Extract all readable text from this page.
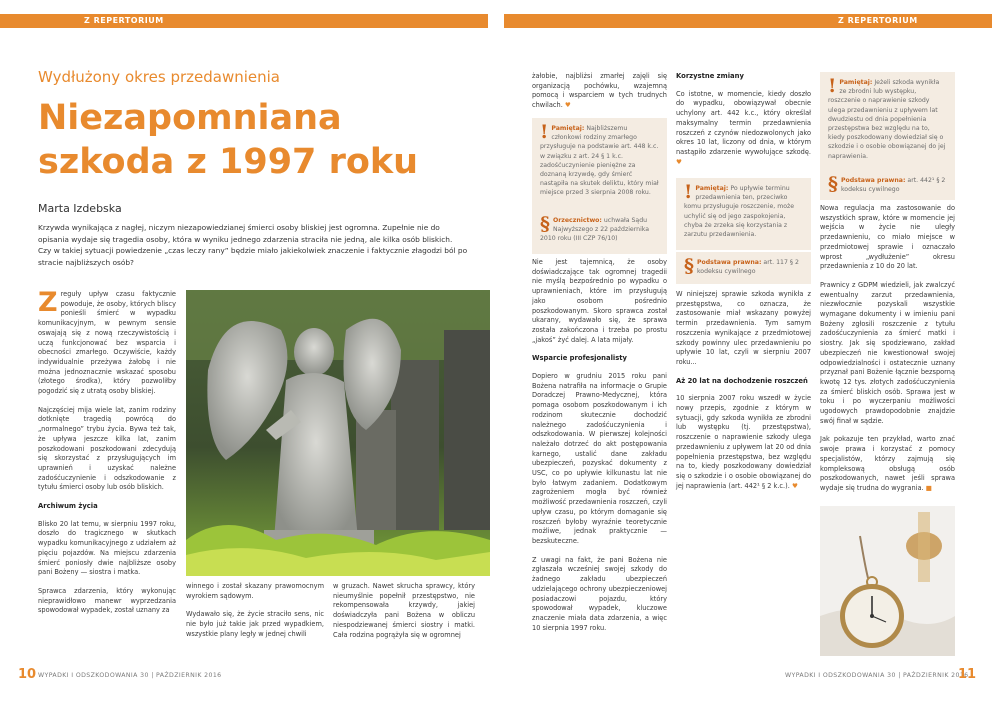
Z REPERTORIUM	Z REPERTORIUM
Wydłużony okres przedawnienia
Niezapomniana szkoda z 1997 roku
Marta Izdebska
Krzywda wynikająca z nagłej, niczym niezapowiedzianej śmierci osoby bliskiej jest ogromna. Zupełnie nie do opisania wydaje się tragedia osoby, która w wyniku jednego zdarzenia straciła nie jedną, ale kilka osób bliskich. Czy w takiej sytuacji powiedzenie „czas leczy rany” będzie miało jakiekolwiek znaczenie i faktycznie złagodzi ból po stracie najbliższych osób?

Zreguły upływ czasu faktycznie powoduje, że osoby, których bliscy ponieśli śmierć w wypadku komunikacyjnym, w pewnym sensie oswajają się z nową rzeczywistością i uczą funkcjonować bez wsparcia i obecności zmarłego. Oczywiście, każdy indywidualnie przeżywa żałobę i nie można jednoznacznie wskazać sposobu (złotego środka), który pozwoliłby pogodzić się z utratą osoby bliskiej.

Najczęściej mija wiele lat, zanim rodziny dotknięte tragedią powrócą do „normalnego” trybu życia. Bywa też tak, że upływa jeszcze kilka lat, zanim poszkodowani poszkodowani zdecydują się skorzystać z przysługujących im uprawnień i uzyskać należne zadośćuczynienie i odszkodowanie z tytułu śmierci osoby lub osób bliskich.

Archiwum życia

Blisko 20 lat temu, w sierpniu 1997 roku, doszło do tragicznego w skutkach wypadku komunikacyjnego z udziałem aż pięciu pojazdów. Na miejscu zdarzenia śmierć poniosły dwie najbliższe osoby pani Bożeny — siostra i matka.

Sprawca zdarzenia, który wykonując nieprawidłowo manewr wyprzedzania spowodował wypadek, został uznany za

winnego i został skazany prawomocnym wyrokiem sądowym.

Wydawało się, że życie straciło sens, nic nie było już takie jak przed wypadkiem, wszystkie plany legły w jednej chwili

w gruzach. Nawet skrucha sprawcy, który nieumyślnie popełnił przestępstwo, nie rekompensowała krzywdy, jakiej doświadczyła pani Bożena w obliczu niespodziewanej śmierci siostry i matki. Cała rodzina pogrążyła się w ogromnej

żałobie, najbliżsi zmarłej zajęli się organizacją pochówku, wzajemną pomocą i wsparciem w tych trudnych chwilach. ♥

! Pamiętaj: Najbliższemu członkowi rodziny zmarłego przysługuje na podstawie art. 448 k.c. w związku z art. 24 § 1 k.c. zadośćuczynienie pieniężne za doznaną krzywdę, gdy śmierć nastąpiła na skutek deliktu, który miał miejsce przed 3 sierpnia 2008 roku.
§ Orzecznictwo: uchwała Sądu Najwyższego z 22 października 2010 roku (III CZP 76/10)

Nie jest tajemnicą, że osoby doświadczające tak ogromnej tragedii nie myślą bezpośrednio po wypadku o uprawnieniach, które im przysługują jako osobom pośrednio poszkodowanym. Skoro sprawca został ukarany, wydawało się, że sprawa została zakończona i trzeba po prostu „jakoś” żyć dalej. A lata mijały.

Wsparcie profesjonalisty

Dopiero w grudniu 2015 roku pani Bożena natrafiła na informacje o Grupie Doradczej Prawno-Medycznej, która pomaga osobom poszkodowanym i ich rodzinom skutecznie dochodzić należnego zadośćuczynienia i odszkodowania. W pierwszej kolejności należało dotrzeć do akt postępowania karnego, ustalić dane zakładu ubezpieczeń, pozyskać dokumenty z USC, co po upływie kilkunastu lat nie było łatwym zadaniem. Dodatkowym zagrożeniem mogła być również możliwość przedawnienia roszczeń, czyli upływ czasu, po którym domaganie się roszczeń byłoby wyraźnie teoretycznie możliwe, jednak praktycznie — bezskuteczne.

Z uwagi na fakt, że pani Bożena nie zgłaszała wcześniej swojej szkody do żadnego zakładu ubezpieczeń udzielającego ochrony ubezpieczeniowej posiadaczowi pojazdu, który spowodował wypadek, kluczowe znaczenie miała data zdarzenia, a więc 10 sierpnia 1997 roku.

Korzystne zmiany

Co istotne, w momencie, kiedy doszło do wypadku, obowiązywał obecnie uchylony art. 442 k.c., który określał maksymalny termin przedawnienia roszczeń z czynów niedozwolonych jako okres 10 lat, liczony od dnia, w którym nastąpiło zdarzenie wywołujące szkodę. ♥

! Pamiętaj: Po upływie terminu przedawnienia ten, przeciwko komu przysługuje roszczenie, może uchylić się od jego zaspokojenia, chyba że zrzeka się korzystania z zarzutu przedawnienia.
§ Podstawa prawna: art. 117 § 2 kodeksu cywilnego

W niniejszej sprawie szkoda wynikła z przestępstwa, co oznacza, że zastosowanie miał wskazany powyżej termin przedawnienia. Tym samym roszczenia wynikające z przedmiotowej szkody powinny ulec przedawnieniu po upływie 10 lat, czyli w sierpniu 2007 roku...

Aż 20 lat na dochodzenie roszczeń

10 sierpnia 2007 roku wszedł w życie nowy przepis, zgodnie z którym w sytuacji, gdy szkoda wynikła ze zbrodni lub występku (tj. przestępstwa), roszczenie o naprawienie szkody ulega przedawnieniu z upływem lat 20 od dnia popełnienia przestępstwa, bez względu na to, kiedy poszkodowany dowiedział się o szkodzie i o osobie obowiązanej do jej naprawienia (art. 442¹ § 2 k.c.). ♥

! Pamiętaj: Jeżeli szkoda wynikła ze zbrodni lub występku, roszczenie o naprawienie szkody ulega przedawnieniu z upływem lat dwudziestu od dnia popełnienia przestępstwa bez względu na to, kiedy poszkodowany dowiedział się o szkodzie i o osobie obowiązanej do jej naprawienia.
§ Podstawa prawna: art. 442¹ § 2 kodeksu cywilnego

Nowa regulacja ma zastosowanie do wszystkich spraw, które w momencie jej wejścia w życie nie uległy przedawnieniu, co miało miejsce w przedmiotowej sprawie i oznaczało wprost „wydłużenie” okresu przedawnienia z 10 do 20 lat.

Prawnicy z GDPM wiedzieli, jak zwalczyć ewentualny zarzut przedawnienia, niezwłocznie pozyskali wszystkie wymagane dokumenty i w imieniu pani Bożeny zgłosili roszczenie z tytułu zadośćuczynienia za śmierć matki i siostry. Jak się spodziewano, zakład ubezpieczeń nie kwestionował swojej odpowiedzialności i ostatecznie uznany przyznał pani Bożenie łącznie bezsporną kwotę 12 tys. złotych zadośćuczynienia za śmierć bliskich osób. Sprawa jest w toku i po wyczerpaniu możliwości ugodowych prawdopodobnie znajdzie swój finał w sądzie.

Jak pokazuje ten przykład, warto znać swoje prawa i korzystać z pomocy specjalistów, którzy zajmują się kompleksową obsługą osób poszkodowanych, nawet jeśli sprawa wydaje się trudna do wygrania. ■

10 WYPADKI I ODSZKODOWANIA 30 | PAŹDZIERNIK 2016	WYPADKI I ODSZKODOWANIA 30 | PAŹDZIERNIK 2016
11
